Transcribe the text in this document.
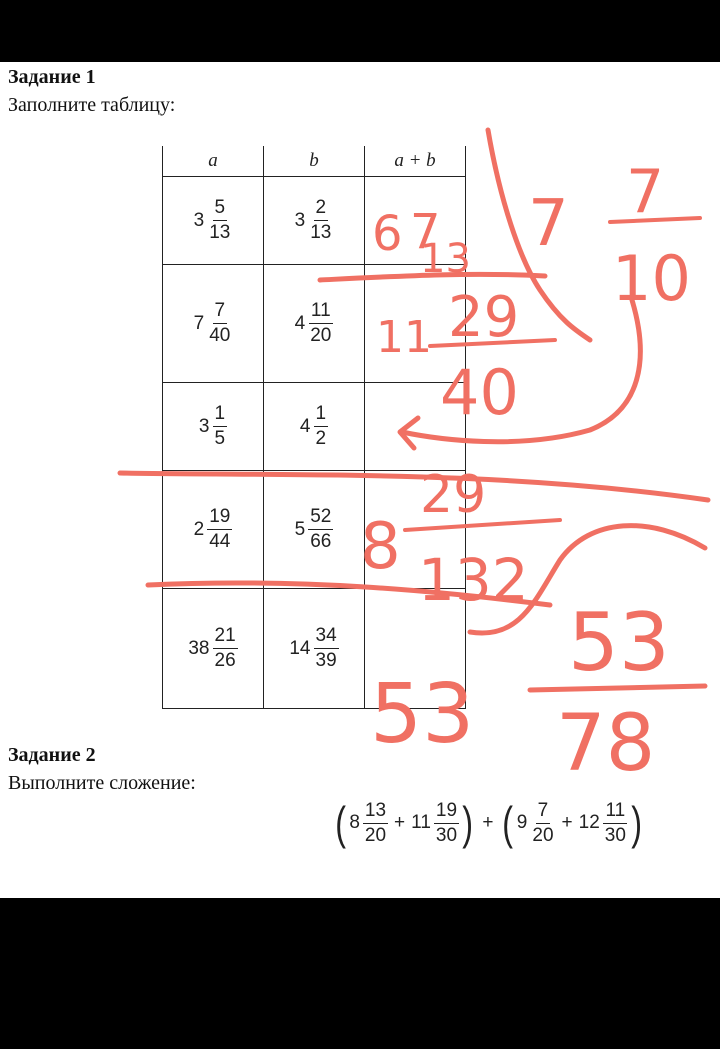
Задание 1
Заполните таблицу:
a	b	a + b

$3 \frac{5}{13}$	$3 \frac{2}{13}$

$7 \frac{7}{40}$	$4 \frac{11}{20}$

$3 \frac{1}{5}$	$4 \frac{1}{2}$

$2 \frac{19}{44}$	$5 \frac{52}{66}$

$38 \frac{21}{26}$	$14 \frac{34}{39}$

Задание 2
Выполните сложение:
( $8 \frac{13}{20} + 11 \frac{19}{30}$ ) + ( $9 \frac{7}{20} + 12 \frac{11}{30}$ )
6 7
13 7 7
10
11 29
40
8
29
132
53
53
78
